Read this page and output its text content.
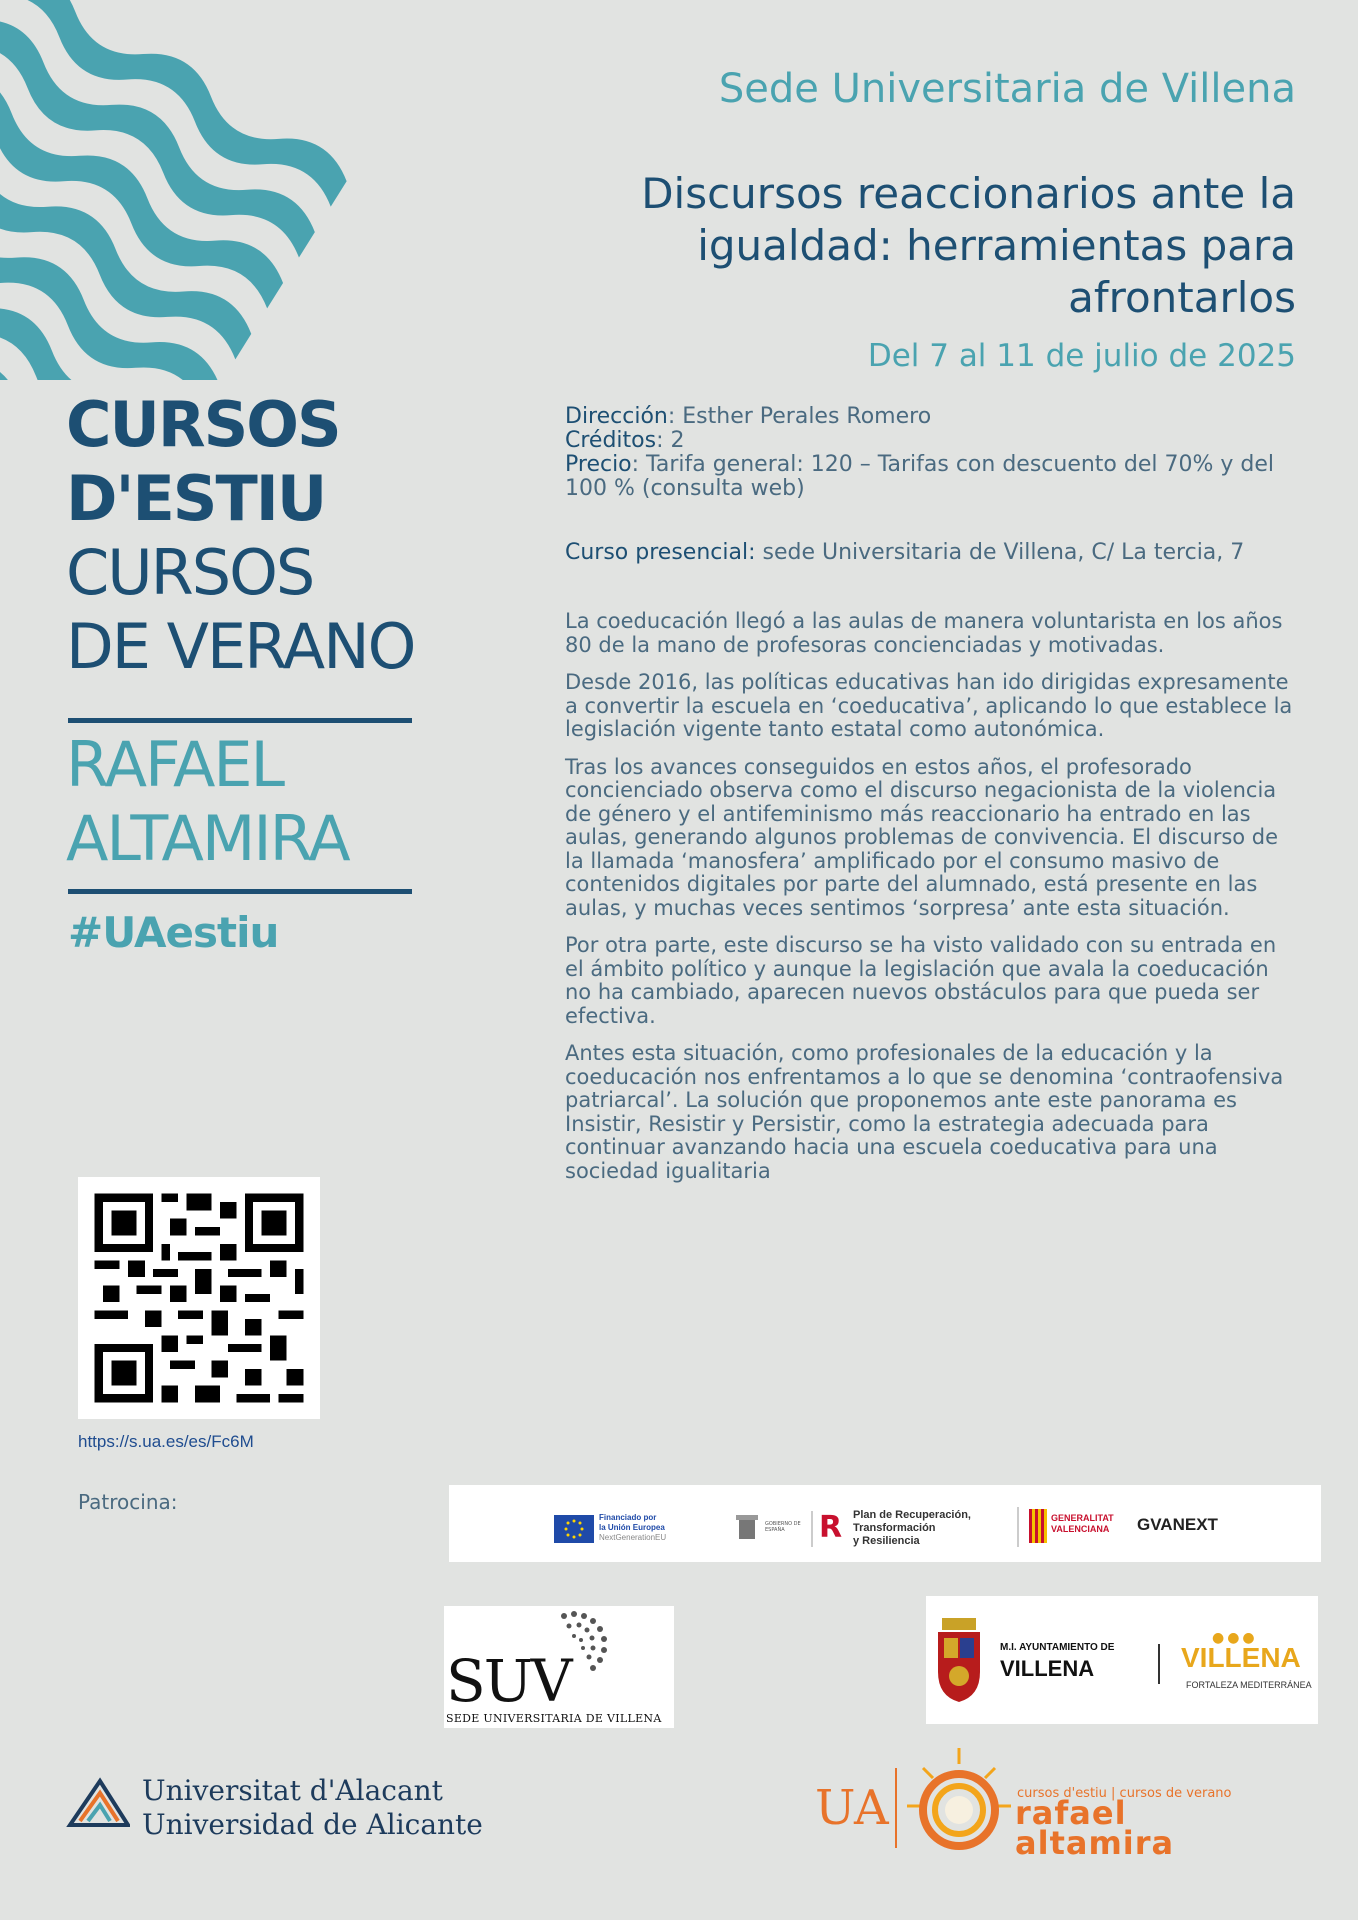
Sede Universitaria de Villena
Discursos reaccionarios ante la igualdad: herramientas para afrontarlos
Del 7 al 11 de julio de 2025
CURSOS
D'ESTIU
CURSOS
DE VERANO
RAFAEL
ALTAMIRA
#UAestiu

Dirección: Esther Perales Romero

Créditos: 2

Precio: Tarifa general: 120 – Tarifas con descuento del 70% y del 100 % (consulta web)

Curso presencial: sede Universitaria de Villena, C/ La tercia, 7

La coeducación llegó a las aulas de manera voluntarista en los años 80 de la mano de profesoras concienciadas y motivadas.

Desde 2016, las políticas educativas han ido dirigidas expresamente a convertir la escuela en ‘coeducativa’, aplicando lo que establece la legislación vigente tanto estatal como autonómica.

Tras los avances conseguidos en estos años, el profesorado concienciado observa como el discurso negacionista de la violencia de género y el antifeminismo más reaccionario ha entrado en las aulas, generando algunos problemas de convivencia. El discurso de la llamada ‘manosfera’ amplificado por el consumo masivo de contenidos digitales por parte del alumnado, está presente en las aulas, y muchas veces sentimos ‘sorpresa’ ante esta situación.

Por otra parte, este discurso se ha visto validado con su entrada en el ámbito político y aunque la legislación que avala la coeducación no ha cambiado, aparecen nuevos obstáculos para que pueda ser efectiva.

Antes esta situación, como profesionales de la educación y la coeducación nos enfrentamos a lo que se denomina ‘contraofensiva patriarcal’. La solución que proponemos ante este panorama es Insistir, Resistir y Persistir, como la estrategia adecuada para continuar avanzando hacia una escuela coeducativa para una sociedad igualitaria

https://s.ua.es/es/Fc6M
Patrocina:
Financiado por
la Unión Europea
NextGenerationEU
GOBIERNO DE ESPAÑA	R Plan de Recuperación,
Transformación
y Resiliencia
GENERALITAT
VALENCIANA GVANEXT
SUV
SEDE UNIVERSITARIA DE VILLENA
M.I. AYUNTAMIENTO DE
VILLENA
●●●
VILLENA
FORTALEZA MEDITERRÁNEA
Universitat d'Alacant
Universidad de Alicante	UA	cursos d'estiu | cursos de verano
rafael
altamira
